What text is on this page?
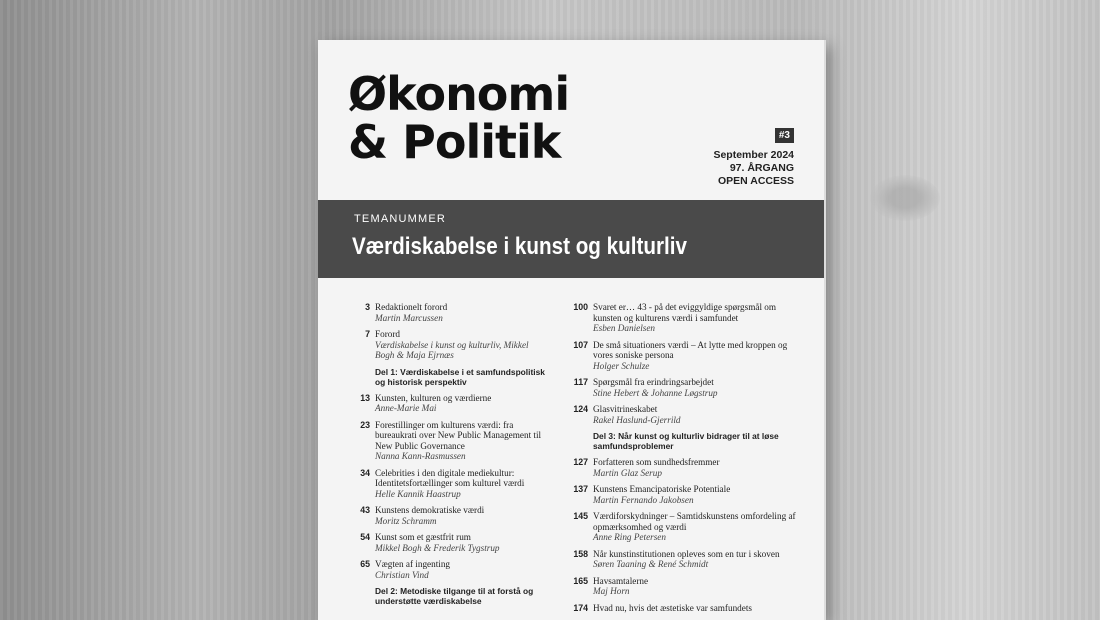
Økonomi
& Politik	#3
September 2024
97. ÅRGANG
OPEN ACCESS
TEMANUMMER
Værdiskabelse i kunst og kulturliv
3 Redaktionelt forord
Martin Marcussen
7 Forord
Værdiskabelse i kunst og kulturliv, Mikkel Bogh & Maja Ejrnæs
Del 1: Værdiskabelse i et samfundspolitisk og historisk perspektiv
13 Kunsten, kulturen og værdierne
Anne-Marie Mai
23 Forestillinger om kulturens værdi: fra bureaukrati over New Public Management til New Public Governance
Nanna Kann-Rasmussen
34 Celebrities i den digitale mediekultur: Identitetsfortællinger som kulturel værdi
Helle Kannik Haastrup
43 Kunstens demokratiske værdi
Moritz Schramm
54 Kunst som et gæstfrit rum
Mikkel Bogh & Frederik Tygstrup
65 Vægten af ingenting
Christian Vind
Del 2: Metodiske tilgange til at forstå og understøtte værdiskabelse
100 Svaret er… 43 - på det eviggyldige spørgsmål om kunsten og kulturens værdi i samfundet
Esben Danielsen
107 De små situationers værdi – At lytte med kroppen og vores soniske persona
Holger Schulze
117 Spørgsmål fra erindringsarbejdet
Stine Hebert & Johanne Løgstrup
124 Glasvitrineskabet
Rakel Haslund-Gjerrild
Del 3: Når kunst og kulturliv bidrager til at løse samfundsproblemer
127 Forfatteren som sundhedsfremmer
Martin Glaz Serup
137 Kunstens Emancipatoriske Potentiale
Martin Fernando Jakobsen
145 Værdiforskydninger – Samtidskunstens omfordeling af opmærksomhed og værdi
Anne Ring Petersen
158 Når kunstinstitutionen opleves som en tur i skoven
Søren Taaning & René Schmidt
165 Havsamtalerne
Maj Horn
174 Hvad nu, hvis det æstetiske var samfundets
